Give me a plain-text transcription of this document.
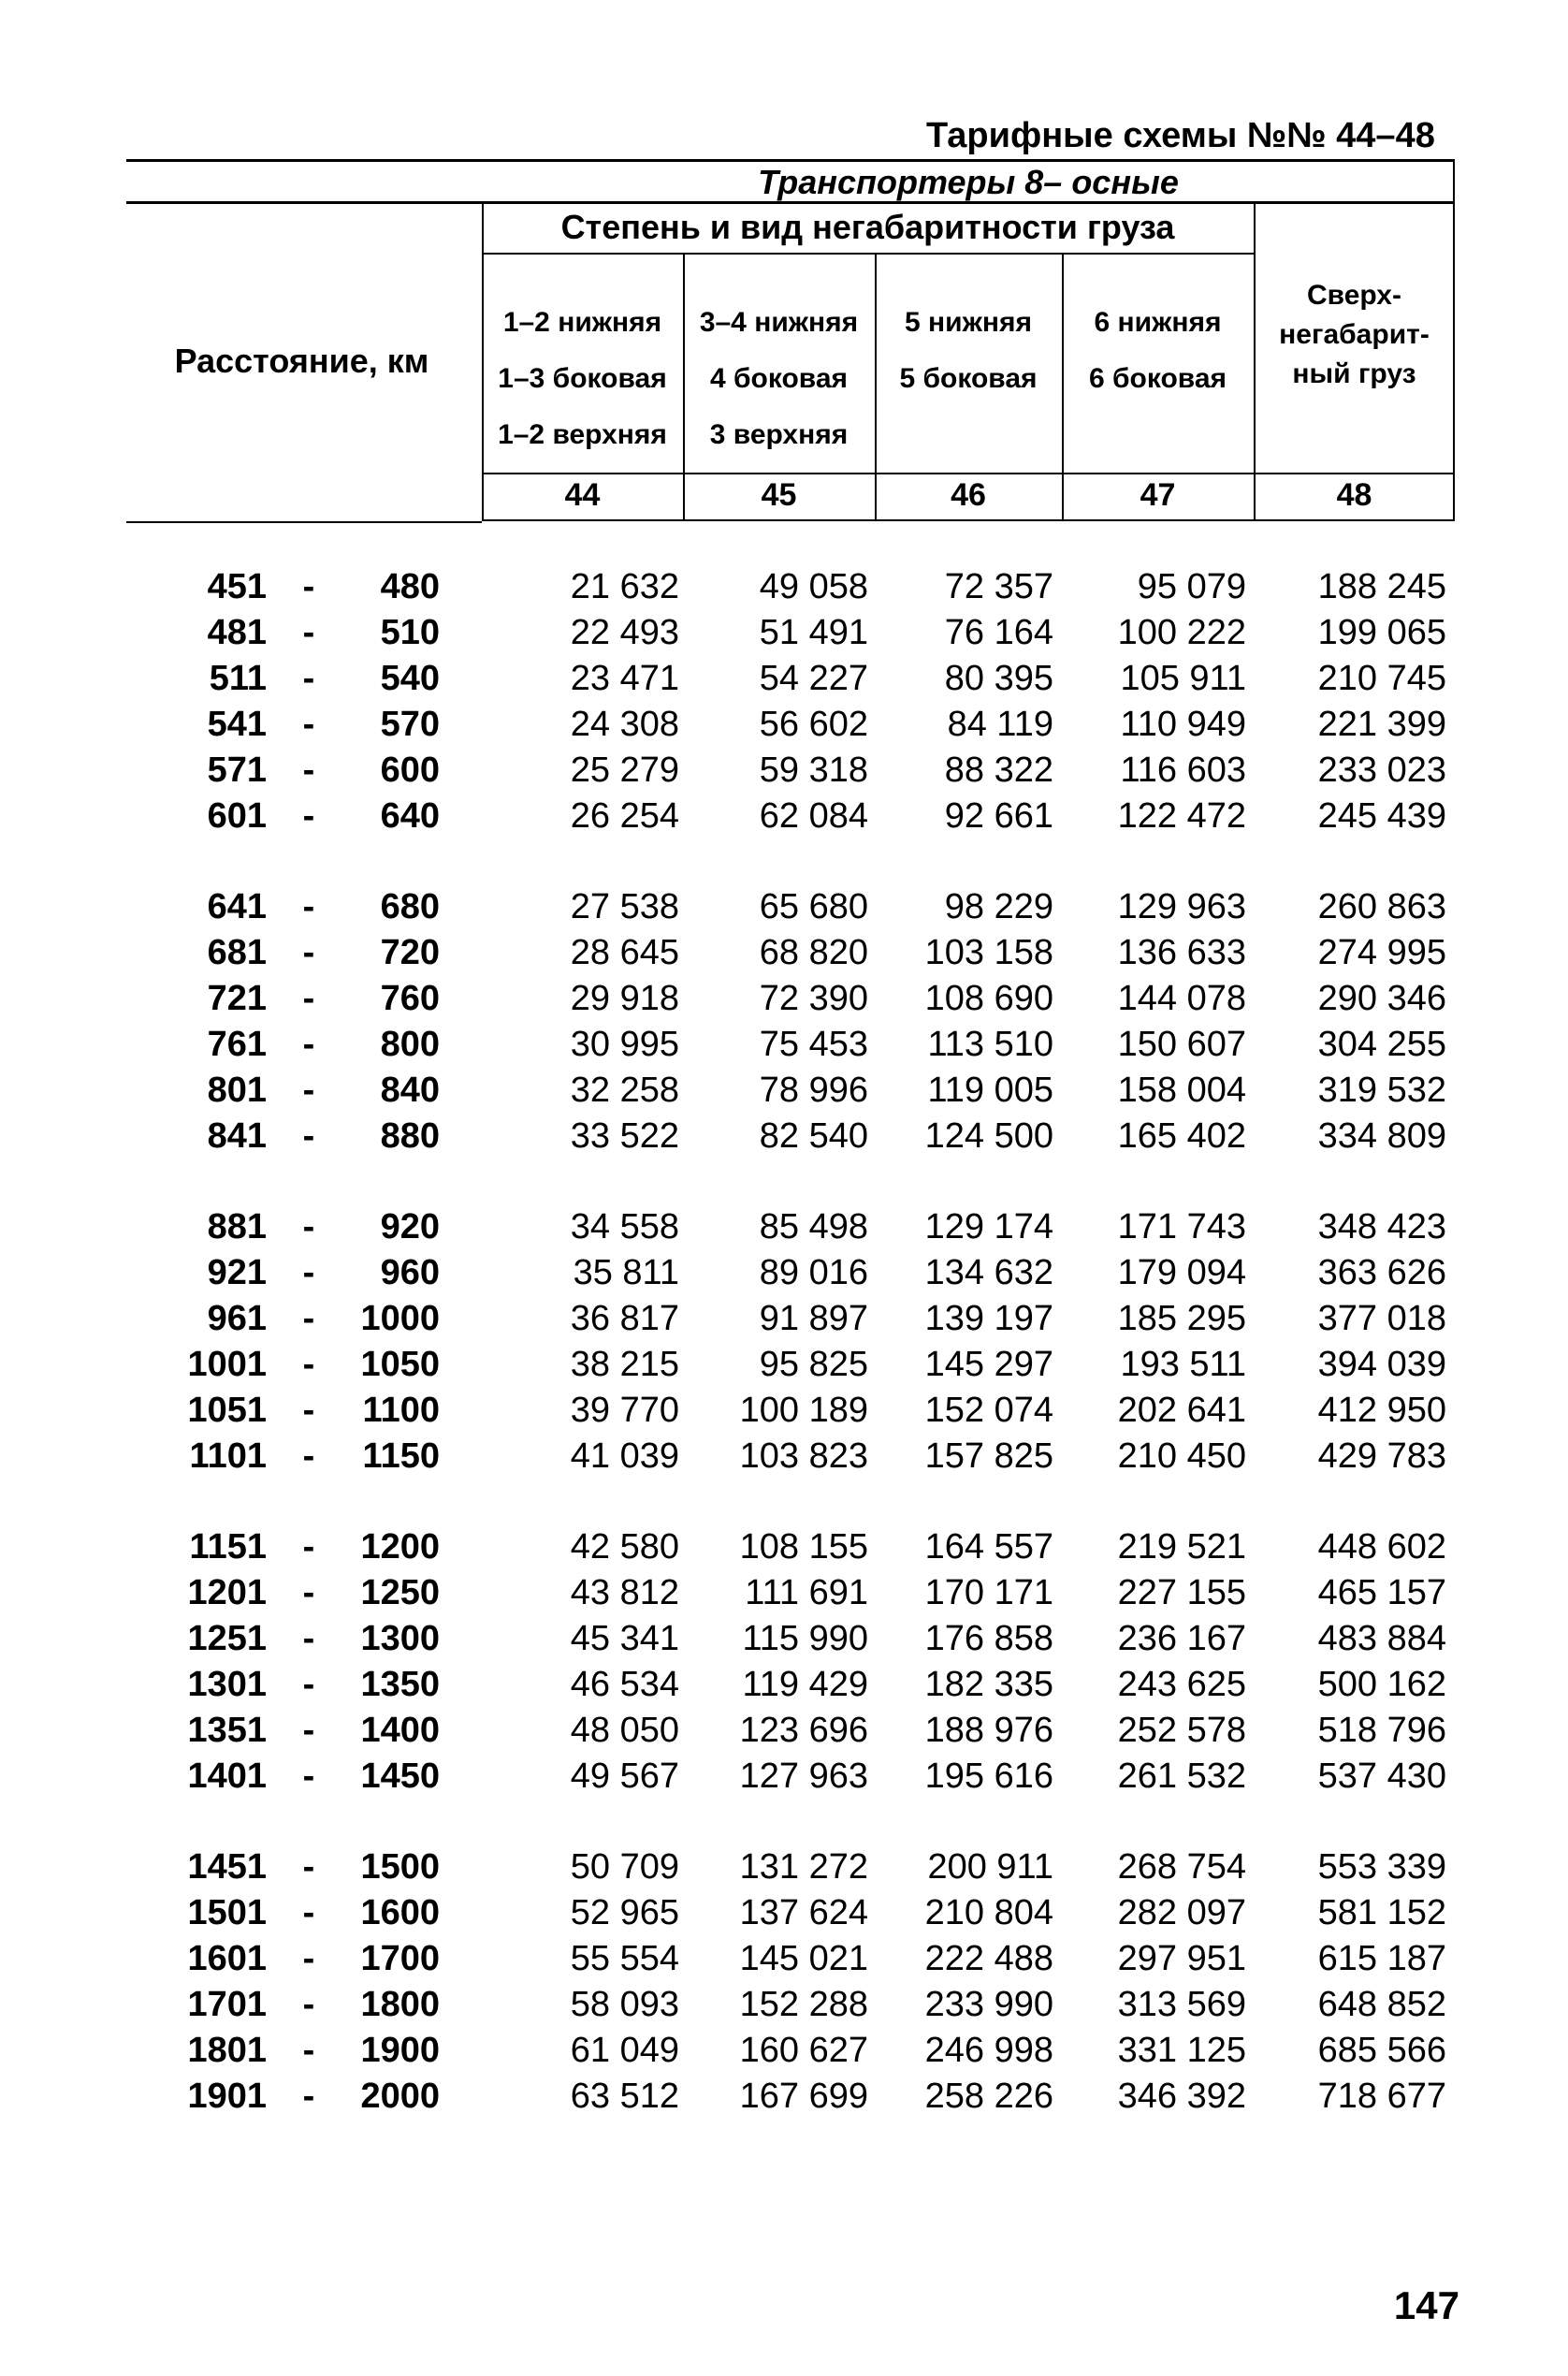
Тарифные схемы №№ 44–48
Транспортеры 8– осные
Степень и вид негабаритности груза
Расстояние, км
1–2 нижняя
1–3 боковая
1–2 верхняя
3–4 нижняя
4 боковая
3 верхняя
5 нижняя
5 боковая
6 нижняя
6 боковая
Сверх-
негабарит-
ный груз
44	45	46	47	48
451	-	480	21 632	49 058	72 357	95 079	188 245
481	-	510	22 493	51 491	76 164	100 222	199 065
511	-	540	23 471	54 227	80 395	105 911	210 745
541	-	570	24 308	56 602	84 119	110 949	221 399
571	-	600	25 279	59 318	88 322	116 603	233 023
601	-	640	26 254	62 084	92 661	122 472	245 439
641	-	680	27 538	65 680	98 229	129 963	260 863
681	-	720	28 645	68 820	103 158	136 633	274 995
721	-	760	29 918	72 390	108 690	144 078	290 346
761	-	800	30 995	75 453	113 510	150 607	304 255
801	-	840	32 258	78 996	119 005	158 004	319 532
841	-	880	33 522	82 540	124 500	165 402	334 809
881	-	920	34 558	85 498	129 174	171 743	348 423
921	-	960	35 811	89 016	134 632	179 094	363 626
961	-	1000	36 817	91 897	139 197	185 295	377 018
1001	-	1050	38 215	95 825	145 297	193 511	394 039
1051	-	1100	39 770	100 189	152 074	202 641	412 950
1101	-	1150	41 039	103 823	157 825	210 450	429 783
1151	-	1200	42 580	108 155	164 557	219 521	448 602
1201	-	1250	43 812	111 691	170 171	227 155	465 157
1251	-	1300	45 341	115 990	176 858	236 167	483 884
1301	-	1350	46 534	119 429	182 335	243 625	500 162
1351	-	1400	48 050	123 696	188 976	252 578	518 796
1401	-	1450	49 567	127 963	195 616	261 532	537 430
1451	-	1500	50 709	131 272	200 911	268 754	553 339
1501	-	1600	52 965	137 624	210 804	282 097	581 152
1601	-	1700	55 554	145 021	222 488	297 951	615 187
1701	-	1800	58 093	152 288	233 990	313 569	648 852
1801	-	1900	61 049	160 627	246 998	331 125	685 566
1901	-	2000	63 512	167 699	258 226	346 392	718 677
147
